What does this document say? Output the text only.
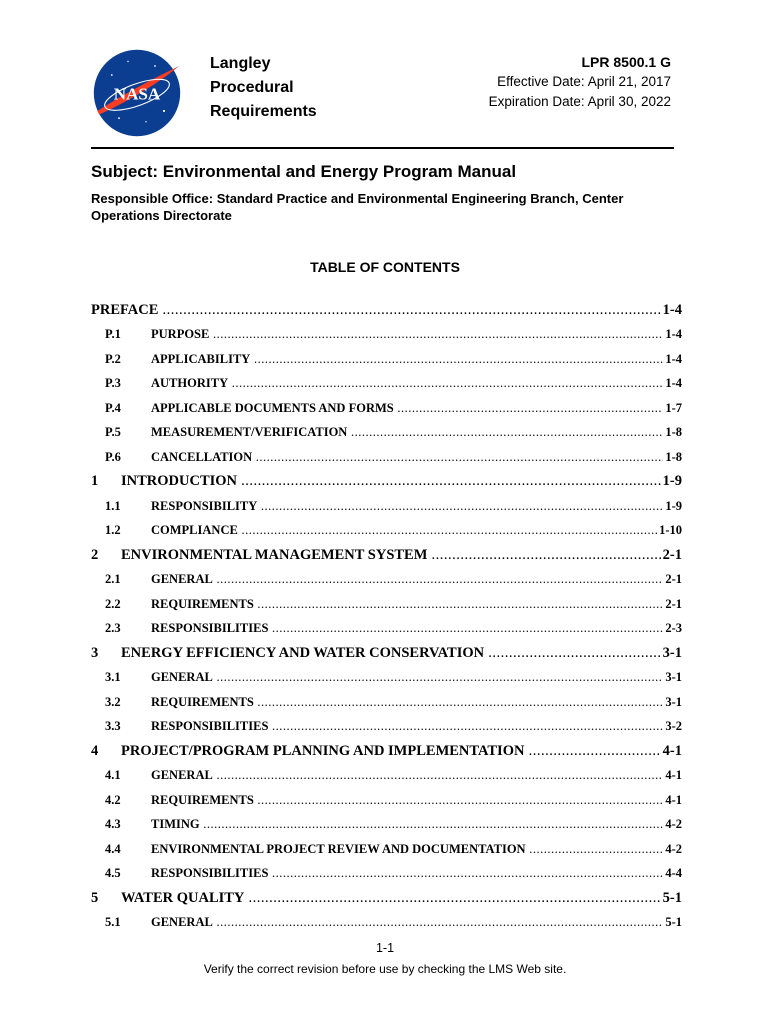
NASA
Langley
Procedural
Requirements
LPR 8500.1 G
Effective Date: April 21, 2017
Expiration Date: April 30, 2022
Subject: Environmental and Energy Program Manual
Responsible Office: Standard Practice and Environmental Engineering Branch, Center Operations Directorate
TABLE OF CONTENTS
PREFACE .....	1-4
P.1	PURPOSE .....	1-4
P.2	APPLICABILITY .....	1-4
P.3	AUTHORITY .....	1-4
P.4	APPLICABLE DOCUMENTS AND FORMS .....	1-7
P.5	MEASUREMENT/VERIFICATION .....	1-8
P.6	CANCELLATION .....	1-8
1	INTRODUCTION .....	1-9
1.1	RESPONSIBILITY .....	1-9
1.2	COMPLIANCE .....	1-10
2	ENVIRONMENTAL MANAGEMENT SYSTEM .....	2-1
2.1	GENERAL .....	2-1
2.2	REQUIREMENTS .....	2-1
2.3	RESPONSIBILITIES .....	2-3
3	ENERGY EFFICIENCY AND WATER CONSERVATION .....	3-1
3.1	GENERAL .....	3-1
3.2	REQUIREMENTS .....	3-1
3.3	RESPONSIBILITIES .....	3-2
4	PROJECT/PROGRAM PLANNING AND IMPLEMENTATION .....	4-1
4.1	GENERAL .....	4-1
4.2	REQUIREMENTS .....	4-1
4.3	TIMING .....	4-2
4.4	ENVIRONMENTAL PROJECT REVIEW AND DOCUMENTATION .....	4-2
4.5	RESPONSIBILITIES .....	4-4
5	WATER QUALITY .....	5-1
5.1	GENERAL .....	5-1
1-1
Verify the correct revision before use by checking the LMS Web site.
